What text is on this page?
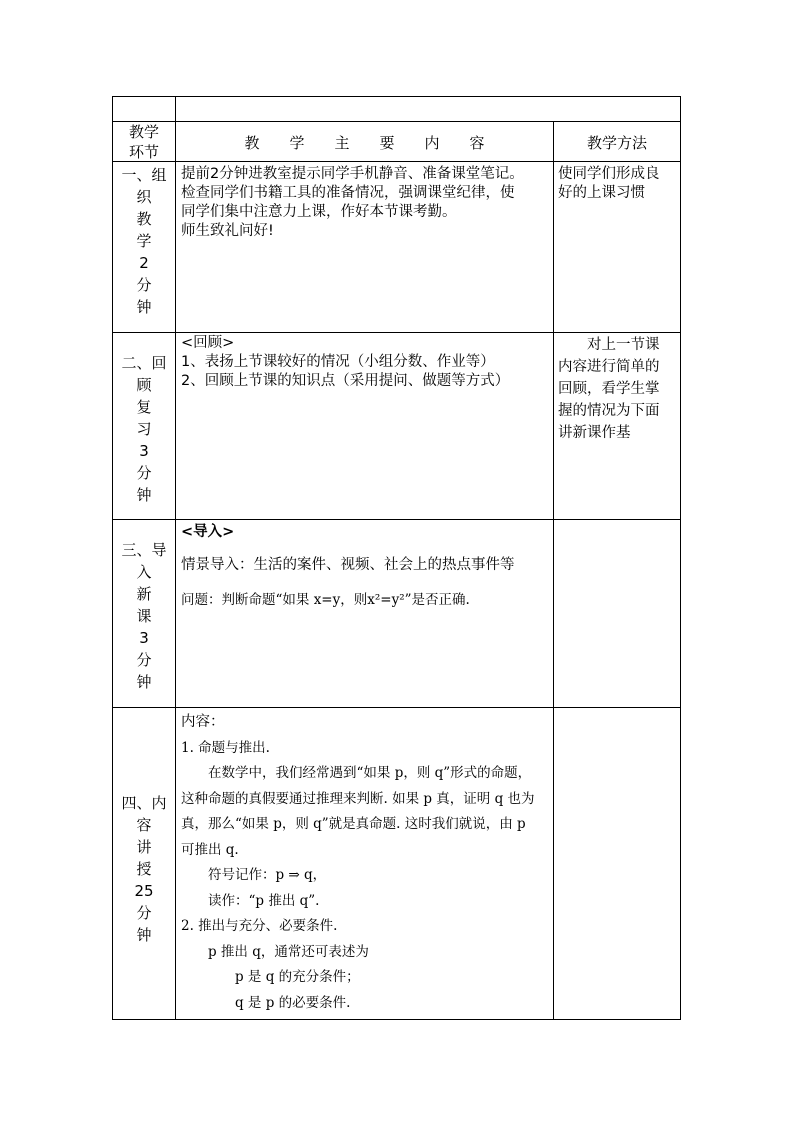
教学
环节	教　　学　　主　　要　　内　　容	教学方法
一、组
织
教
学
2
分
钟
提前2分钟进教室提示同学手机静音、准备课堂笔记。
检查同学们书籍工具的准备情况，强调课堂纪律，使
同学们集中注意力上课，作好本节课考勤。
师生致礼问好!
使同学们形成良
好的上课习惯
二、回
顾
复
习
3
分
钟
<回顾>
1、表扬上节课较好的情况（小组分数、作业等）
2、回顾上节课的知识点（采用提问、做题等方式）
　　对上一节课
内容进行简单的
回顾，看学生掌
握的情况为下面
讲新课作基
三、导
入
新
课
3
分
钟
<导入>
情景导入：生活的案件、视频、社会上的热点事件等
问题：判断命题“如果 x=y，则x²=y²”是否正确.
四、内
容
讲
授
25
分
钟
内容：
1. 命题与推出.
　　在数学中，我们经常遇到“如果 p，则 q”形式的命题，
这种命题的真假要通过推理来判断. 如果 p 真，证明 q 也为
真，那么“如果 p，则 q”就是真命题. 这时我们就说，由 p
可推出 q.
　　符号记作：p ⇒ q，
　　读作：“p 推出 q”.
2. 推出与充分、必要条件.
　　p 推出 q，通常还可表述为
　　　　p 是 q 的充分条件；
　　　　q 是 p 的必要条件.
